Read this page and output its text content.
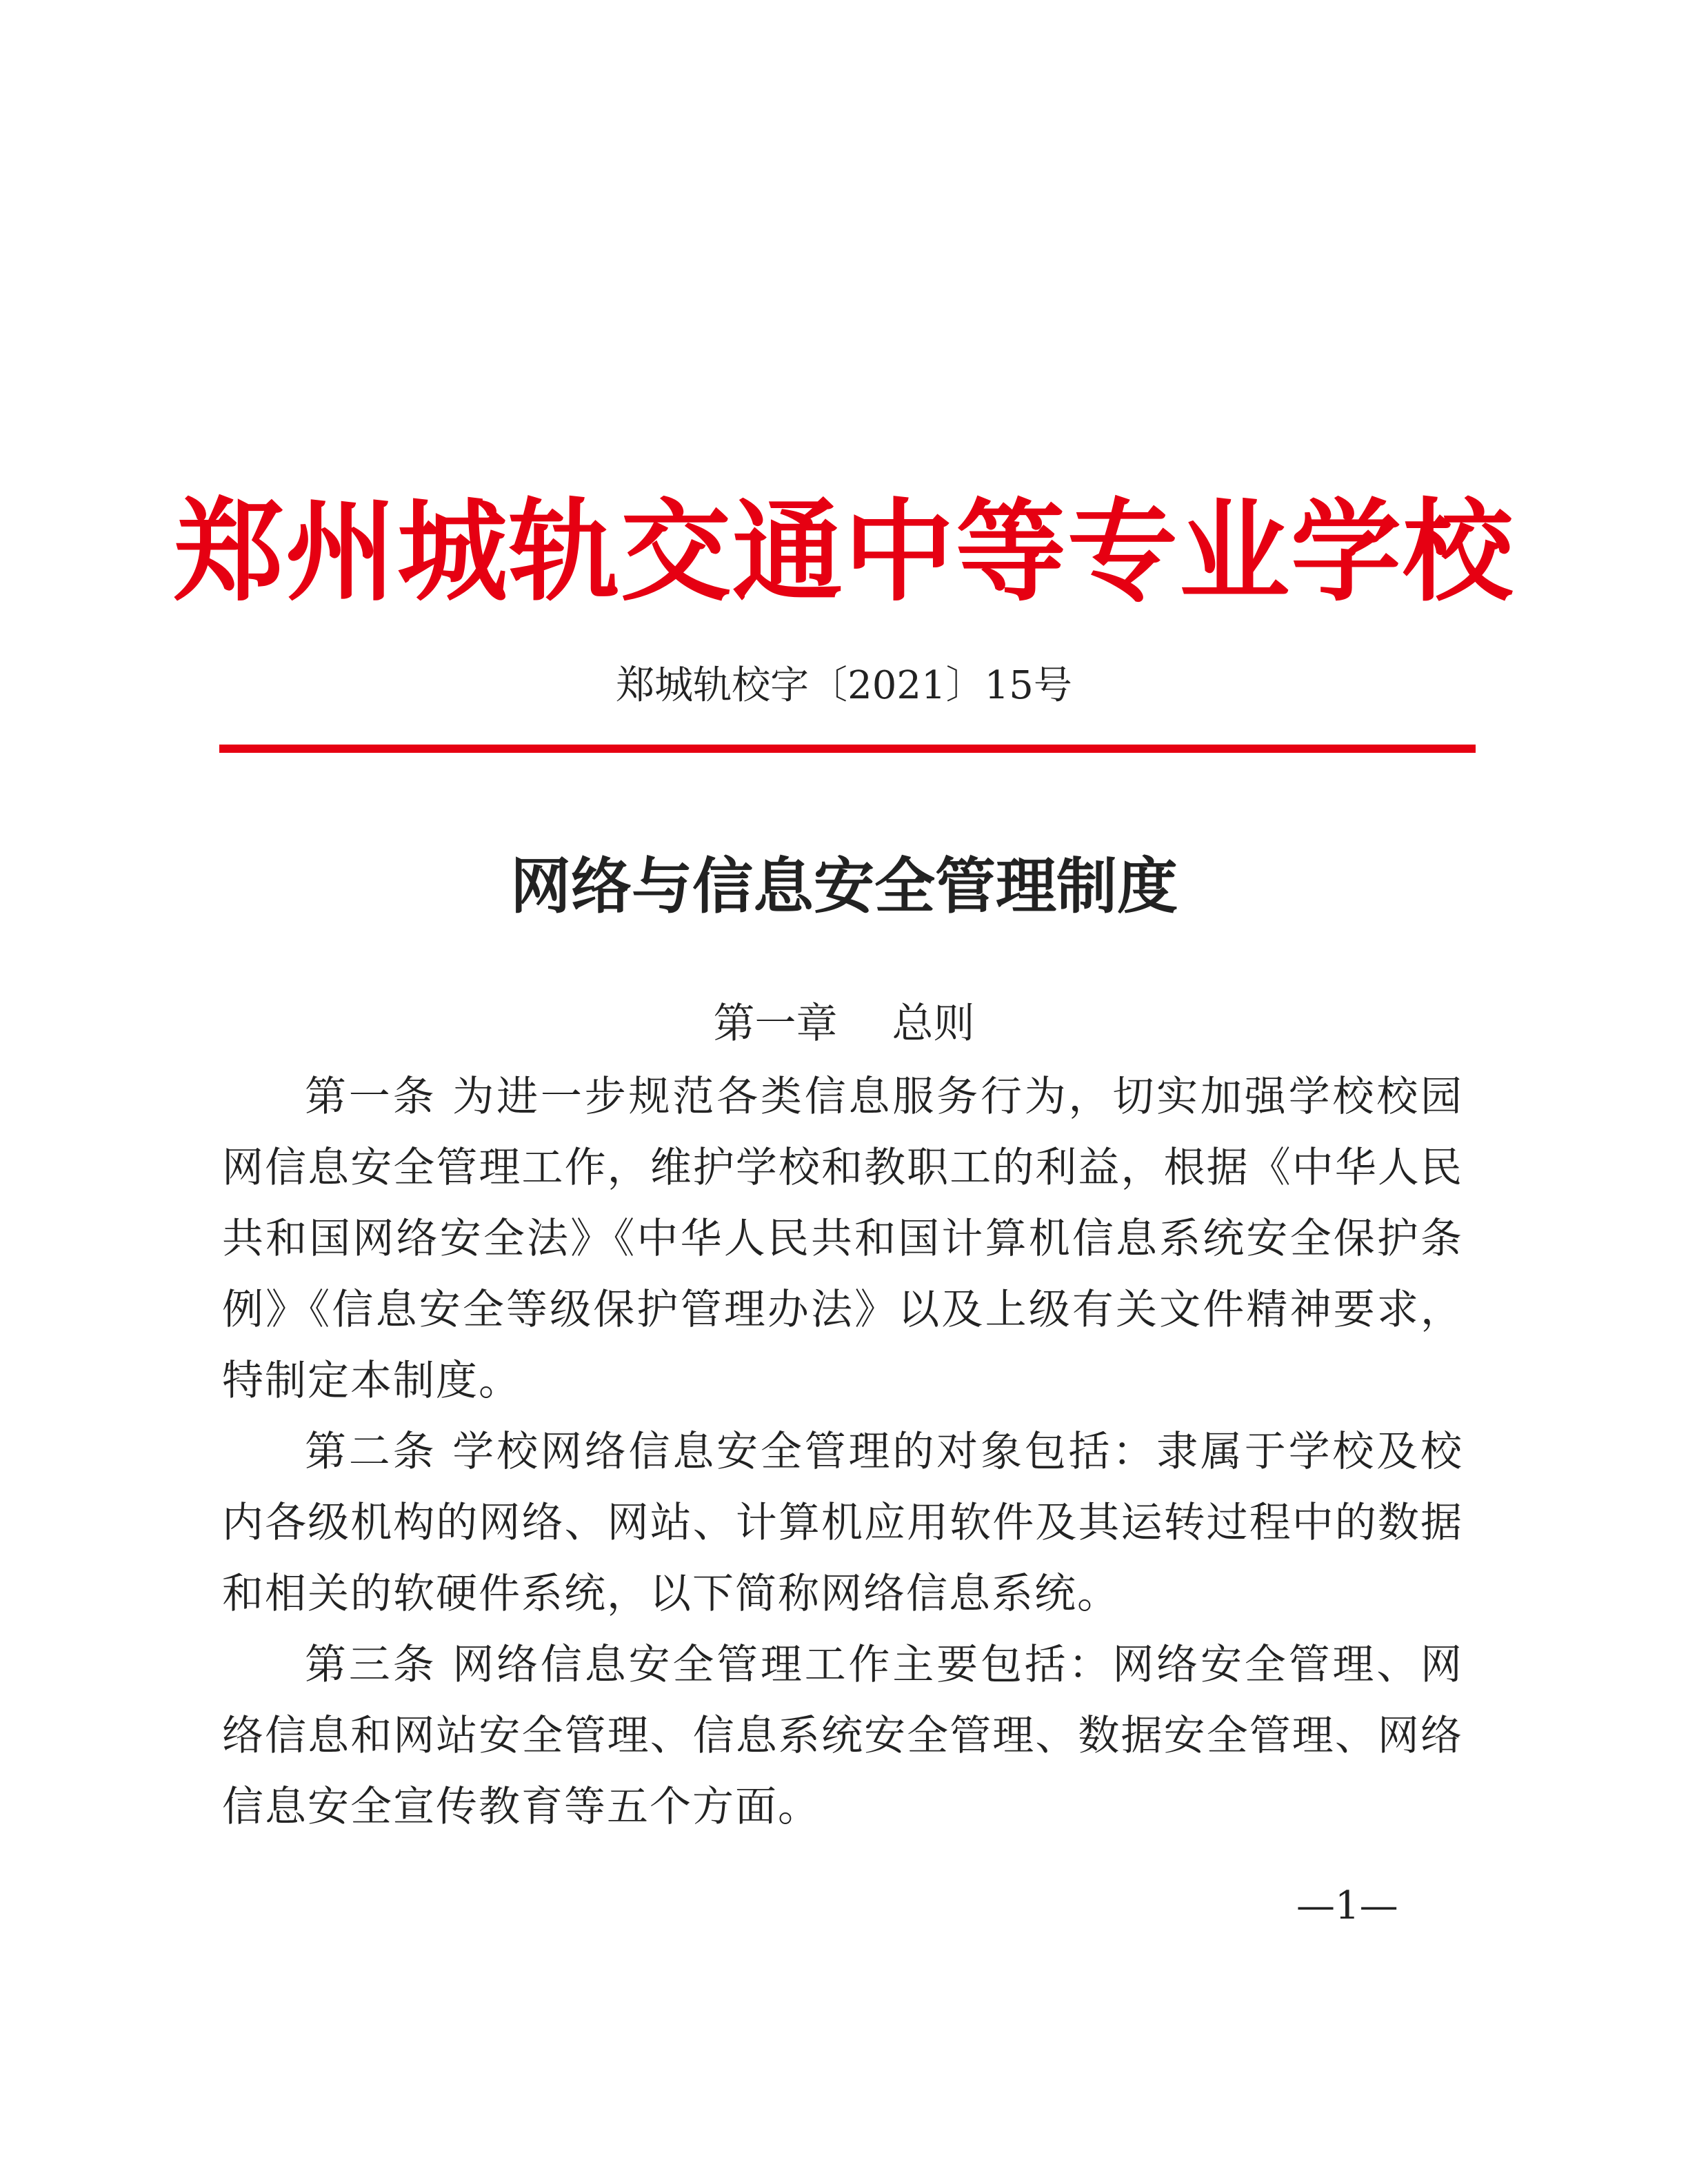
郑州城轨交通中等专业学校
郑城轨校字〔2021〕15号
网络与信息安全管理制度
第一章　 总则

第一条 为进一步规范各类信息服务行为，切实加强学校校园网信息安全管理工作，维护学校和教职工的利益，根据《中华人民共和国网络安全法》《中华人民共和国计算机信息系统安全保护条例》《信息安全等级保护管理办法》以及上级有关文件精神要求，特制定本制度。

第二条 学校网络信息安全管理的对象包括：隶属于学校及校内各级机构的网络、网站、计算机应用软件及其运转过程中的数据和相关的软硬件系统，以下简称网络信息系统。

第三条 网络信息安全管理工作主要包括：网络安全管理、网络信息和网站安全管理、信息系统安全管理、数据安全管理、网络信息安全宣传教育等五个方面。

—1—
